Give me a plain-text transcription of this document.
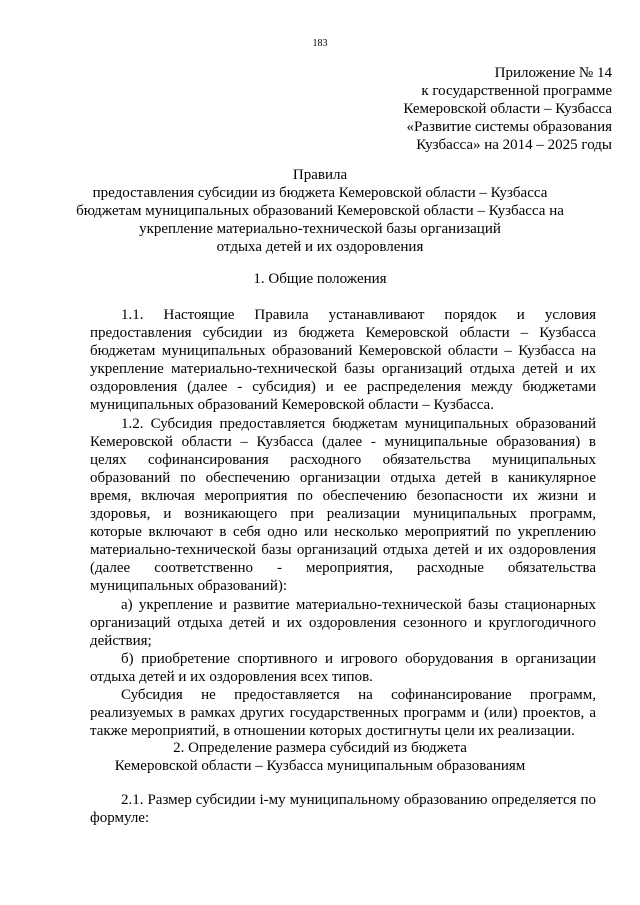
183
Приложение № 14
к государственной программе
Кемеровской области – Кузбасса
«Развитие системы образования
Кузбасса» на 2014 – 2025 годы
Правила
предоставления субсидии из бюджета Кемеровской области – Кузбасса
бюджетам муниципальных образований Кемеровской области – Кузбасса на
укрепление материально-технической базы организаций
отдыха детей и их оздоровления
1. Общие положения

1.1. Настоящие Правила устанавливают порядок и условия предоставления субсидии из бюджета Кемеровской области – Кузбасса бюджетам муниципальных образований Кемеровской области – Кузбасса на укрепление материально-технической базы организаций отдыха детей и их оздоровления (далее - субсидия) и ее распределения между бюджетами муниципальных образований Кемеровской области – Кузбасса.

1.2. Субсидия предоставляется бюджетам муниципальных образований Кемеровской области – Кузбасса (далее - муниципальные образования) в целях софинансирования расходного обязательства муниципальных образований по обеспечению организации отдыха детей в каникулярное время, включая мероприятия по обеспечению безопасности их жизни и здоровья, и возникающего при реализации муниципальных программ, которые включают в себя одно или несколько мероприятий по укреплению материально-технической базы организаций отдыха детей и их оздоровления (далее соответственно - мероприятия, расходные обязательства муниципальных образований):

а) укрепление и развитие материально-технической базы стационарных организаций отдыха детей и их оздоровления сезонного и круглогодичного действия;

б) приобретение спортивного и игрового оборудования в организации отдыха детей и их оздоровления всех типов.

Субсидия не предоставляется на софинансирование программ, реализуемых в рамках других государственных программ и (или) проектов, а также мероприятий, в отношении которых достигнуты цели их реализации.

2. Определение размера субсидий из бюджета
Кемеровской области – Кузбасса муниципальным образованиям

2.1. Размер субсидии i-му муниципальному образованию определяется по формуле:
